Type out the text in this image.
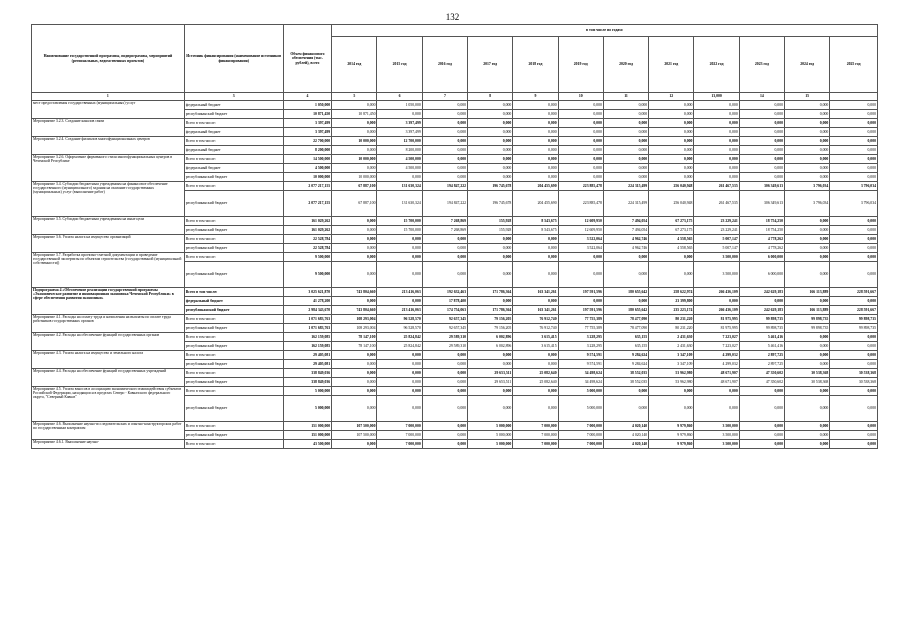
132
Наименование государственной программы, подпрограммы, мероприятий (региональных, ведомственных проектов)	Источник финансирования (наименование источников финансирования)	Объем финансового обеспечения (тыс. рублей), всего	в том числе по годам:											
			2014 год	2015 год	2016 год	2017 год	2018 год	2019 год	2020 год	2021 год	2022 год	2023 год	2024 год	2025 год
1	3	4	5	6	7	8	9	10	11	12	13,000	14	15	
мест предоставления государственных (муниципальных) услуг	федеральный бюджет	1 050,000	0,000	1 050,000	0,000	0,000	0,000	0,000	0,000	0,000	0,000	0,000	0,000	0,000
	республиканский бюджет	10 871,450	10 871,450	0,000	0,000	0,000	0,000	0,000	0,000	0,000	0,000	0,000	0,000	0,000
Мероприятие 3.2.3. Создание каналов связи	Всего в том числе:	3 397,499	0,000	3 397,499	0,000	0,000	0,000	0,000	0,000	0,000	0,000	0,000	0,000	0,000
	федеральный бюджет	3 397,499	0,000	3 397,499	0,000	0,000	0,000	0,000	0,000	0,000	0,000	0,000	0,000	0,000
Мероприятие 3.2.4. Создание филиалов многофункциональных центров	Всего в том числе:	22 700,000	10 000,000	12 700,000	0,000	0,000	0,000	0,000	0,000	0,000	0,000	0,000	0,000	0,000
	федеральный бюджет	8 200,000	0,000	8 200,000	0,000	0,000	0,000	0,000	0,000	0,000	0,000	0,000	0,000	0,000
Мероприятие 3.2.6. Оформление фирменного стиля многофункциональных центров в Чеченской Республике	Всего в том числе:	14 500,000	10 000,000	4 500,000	0,000	0,000	0,000	0,000	0,000	0,000	0,000	0,000	0,000	0,000
	федеральный бюджет	4 500,000	0,000	4 500,000	0,000	0,000	0,000	0,000	0,000	0,000	0,000	0,000	0,000	0,000
	республиканский бюджет	10 000,000	10 000,000	0,000	0,000	0,000	0,000	0,000	0,000	0,000	0,000	0,000	0,000	0,000
Мероприятие 3.4. Субсидии бюджетным учреждениям на финансовое обеспечение государственного (муниципального) задания на оказание государственных (муниципальных) услуг (выполнение работ)	Всего в том числе:	2 077 217,155	67 887,100	131 630,324	194 847,222	196 745,678	204 455,690	223 885,478	224 315,499	256 040,948	261 467,535	306 349,613	3 796,034	3 796,034
	республиканский бюджет	2 077 217,155	67 887,100	131 630,324	194 847,222	196 745,678	204 455,690	223 885,478	224 315,499	256 040,948	261 467,535	306 349,613	3 796,034	3 796,034
Мероприятие 3.5. Субсидии бюджетным учреждениям на иные цели	Всего в том числе:	161 029,262	0,000	15 700,000	7 268,869	155,928	8 543,675	12 609,950	7 494,054	67 273,175	23 229,241	18 754,250	0,000	0,000
	республиканский бюджет	161 029,262	0,000	15 700,000	7 268,869	155,928	8 543,675	12 609,950	7 494,054	67 273,175	23 229,241	18 754,250	0,000	0,000
Мероприятие 3.6. Уплата налога на имущество организаций	Всего в том числе:	22 528,784	0,000	0,000	0,000	0,000	0,000	3 522,064	4 962,746	4 558,565	5 007,147	4 778,262	0,000	0,000
	республиканский бюджет	22 528,784	0,000	0,000	0,000	0,000	0,000	3 522,064	4 962,746	4 558,565	5 007,147	4 778,262	0,000	0,000
Мероприятие 3.7. Разработка проектно-сметной документации и проведение государственной экспертизы по объектам строительства (государственной (муниципальной собственности))	Всего в том числе:	9 500,000	0,000	0,000	0,000	0,000	0,000	0,000	0,000	0,000	3 500,000	6 000,000	0,000	0,000
	республиканский бюджет	9 500,000	0,000	0,000	0,000	0,000	0,000	0,000	0,000	0,000	3 500,000	6 000,000	0,000	0,000
Подпрограмма 4 «Обеспечение реализации государственной программы «Экономическое развитие и инновационная экономика Чеченской Республики» в сфере обеспечения развития экономики»	Всего в том числе:	3 025 621,870	743 804,660	213 416,063	192 632,463	171 786,364	163 341,261	197 591,596	180 655,642	258 622,974	266 436,109	242 629,183	166 113,889	228 591,667
	федеральный бюджет	41 278,200	0,000	0,000	17 878,400	0,000	0,000	0,000	0,000	23 399,800	0,000	0,000	0,000	0,000
	республиканский бюджет	2 984 343,670	743 804,660	213 416,063	174 754,063	171 786,364	163 341,261	197 591,596	180 655,642	235 223,174	266 436,109	242 629,183	166 113,889	228 591,667
Мероприятие 4.1. Расходы на оплату труда и начисления на выплаты по оплате труда работников государственных органов	Всего в том числе:	1 071 683,763	108 293,004	96 528,570	92 657,345	79 156,205	76 912,740	77 755,389	78 477,090	80 231,220	81 975,995	99 898,735	99 898,735	99 898,735
	республиканский бюджет	1 071 683,763	108 293,004	96 528,570	92 657,345	79 156,205	76 912,740	77 755,389	78 477,090	80 231,220	81 975,995	99 898,735	99 898,735	99 898,735
Мероприятие 4.2. Расходы на обеспечение функций государственных органов	Всего в том числе:	162 159,085	78 147,100	25 824,842	29 589,310	6 002,896	3 615,415	3 228,295	635,155	2 431,630	7 223,027	5 461,416	0,000	0,000
	республиканский бюджет	162 159,085	78 147,100	25 824,842	29 589,310	6 002,896	3 615,415	3 228,295	635,155	2 431,630	7 223,027	5 461,416	0,000	0,000
Мероприятие 4.3. Уплата налога на имущество и земельного налога	Всего в том числе:	29 405,081	0,000	0,000	0,000	0,000	0,000	9 574,591	9 284,624	3 347,109	4 299,032	2 897,725	0,000	0,000
	республиканский бюджет	29 405,081	0,000	0,000	0,000	0,000	0,000	9 574,591	9 284,624	3 347,109	4 299,032	2 897,725	0,000	0,000
Мероприятие 4.4. Расходы на обеспечение функций государственных учреждений	Всего в том числе:	338 849,036	0,000	0,000	0,000	29 653,511	25 082,640	34 498,624	38 552,035	53 962,980	48 671,907	47 350,602	30 538,368	30 538,368
	республиканский бюджет	338 849,036	0,000	0,000	0,000	29 653,511	25 082,640	34 498,624	38 552,035	53 962,980	48 671,907	47 350,602	30 538,368	30 538,368
Мероприятие 4.5. Уплата взносов в ассоциацию экономического взаимодействия субъектов Российской Федерации, находящихся в пределах Северо - Кавказского федерального округа, "Северный Кавказ"	Всего в том числе:	5 000,000	0,000	0,000	0,000	0,000	0,000	5 000,000	0,000	0,000	0,000	0,000	0,000	0,000
	республиканский бюджет	5 000,000	0,000	0,000	0,000	0,000	0,000	5 000,000	0,000	0,000	0,000	0,000	0,000	0,000
Мероприятие 4.6. Выполнение научно-исследовательских и опытно-конструкторских работ по государственным контрактам	Всего в том числе:	151 000,000	107 500,000	7 000,000	0,000	5 000,000	7 000,000	7 000,000	4 020,140	9 979,860	3 500,000	0,000	0,000	0,000
	республиканский бюджет	151 000,000	107 500,000	7 000,000	0,000	5 000,000	7 000,000	7 000,000	4 020,140	9 979,860	3 500,000	0,000	0,000	0,000
Мероприятие 4.6.1. Выполнение научно-	Всего в том числе:	43 500,000	0,000	7 000,000	0,000	5 000,000	7 000,000	7 000,000	4 020,140	9 979,860	3 500,000	0,000	0,000	0,000
